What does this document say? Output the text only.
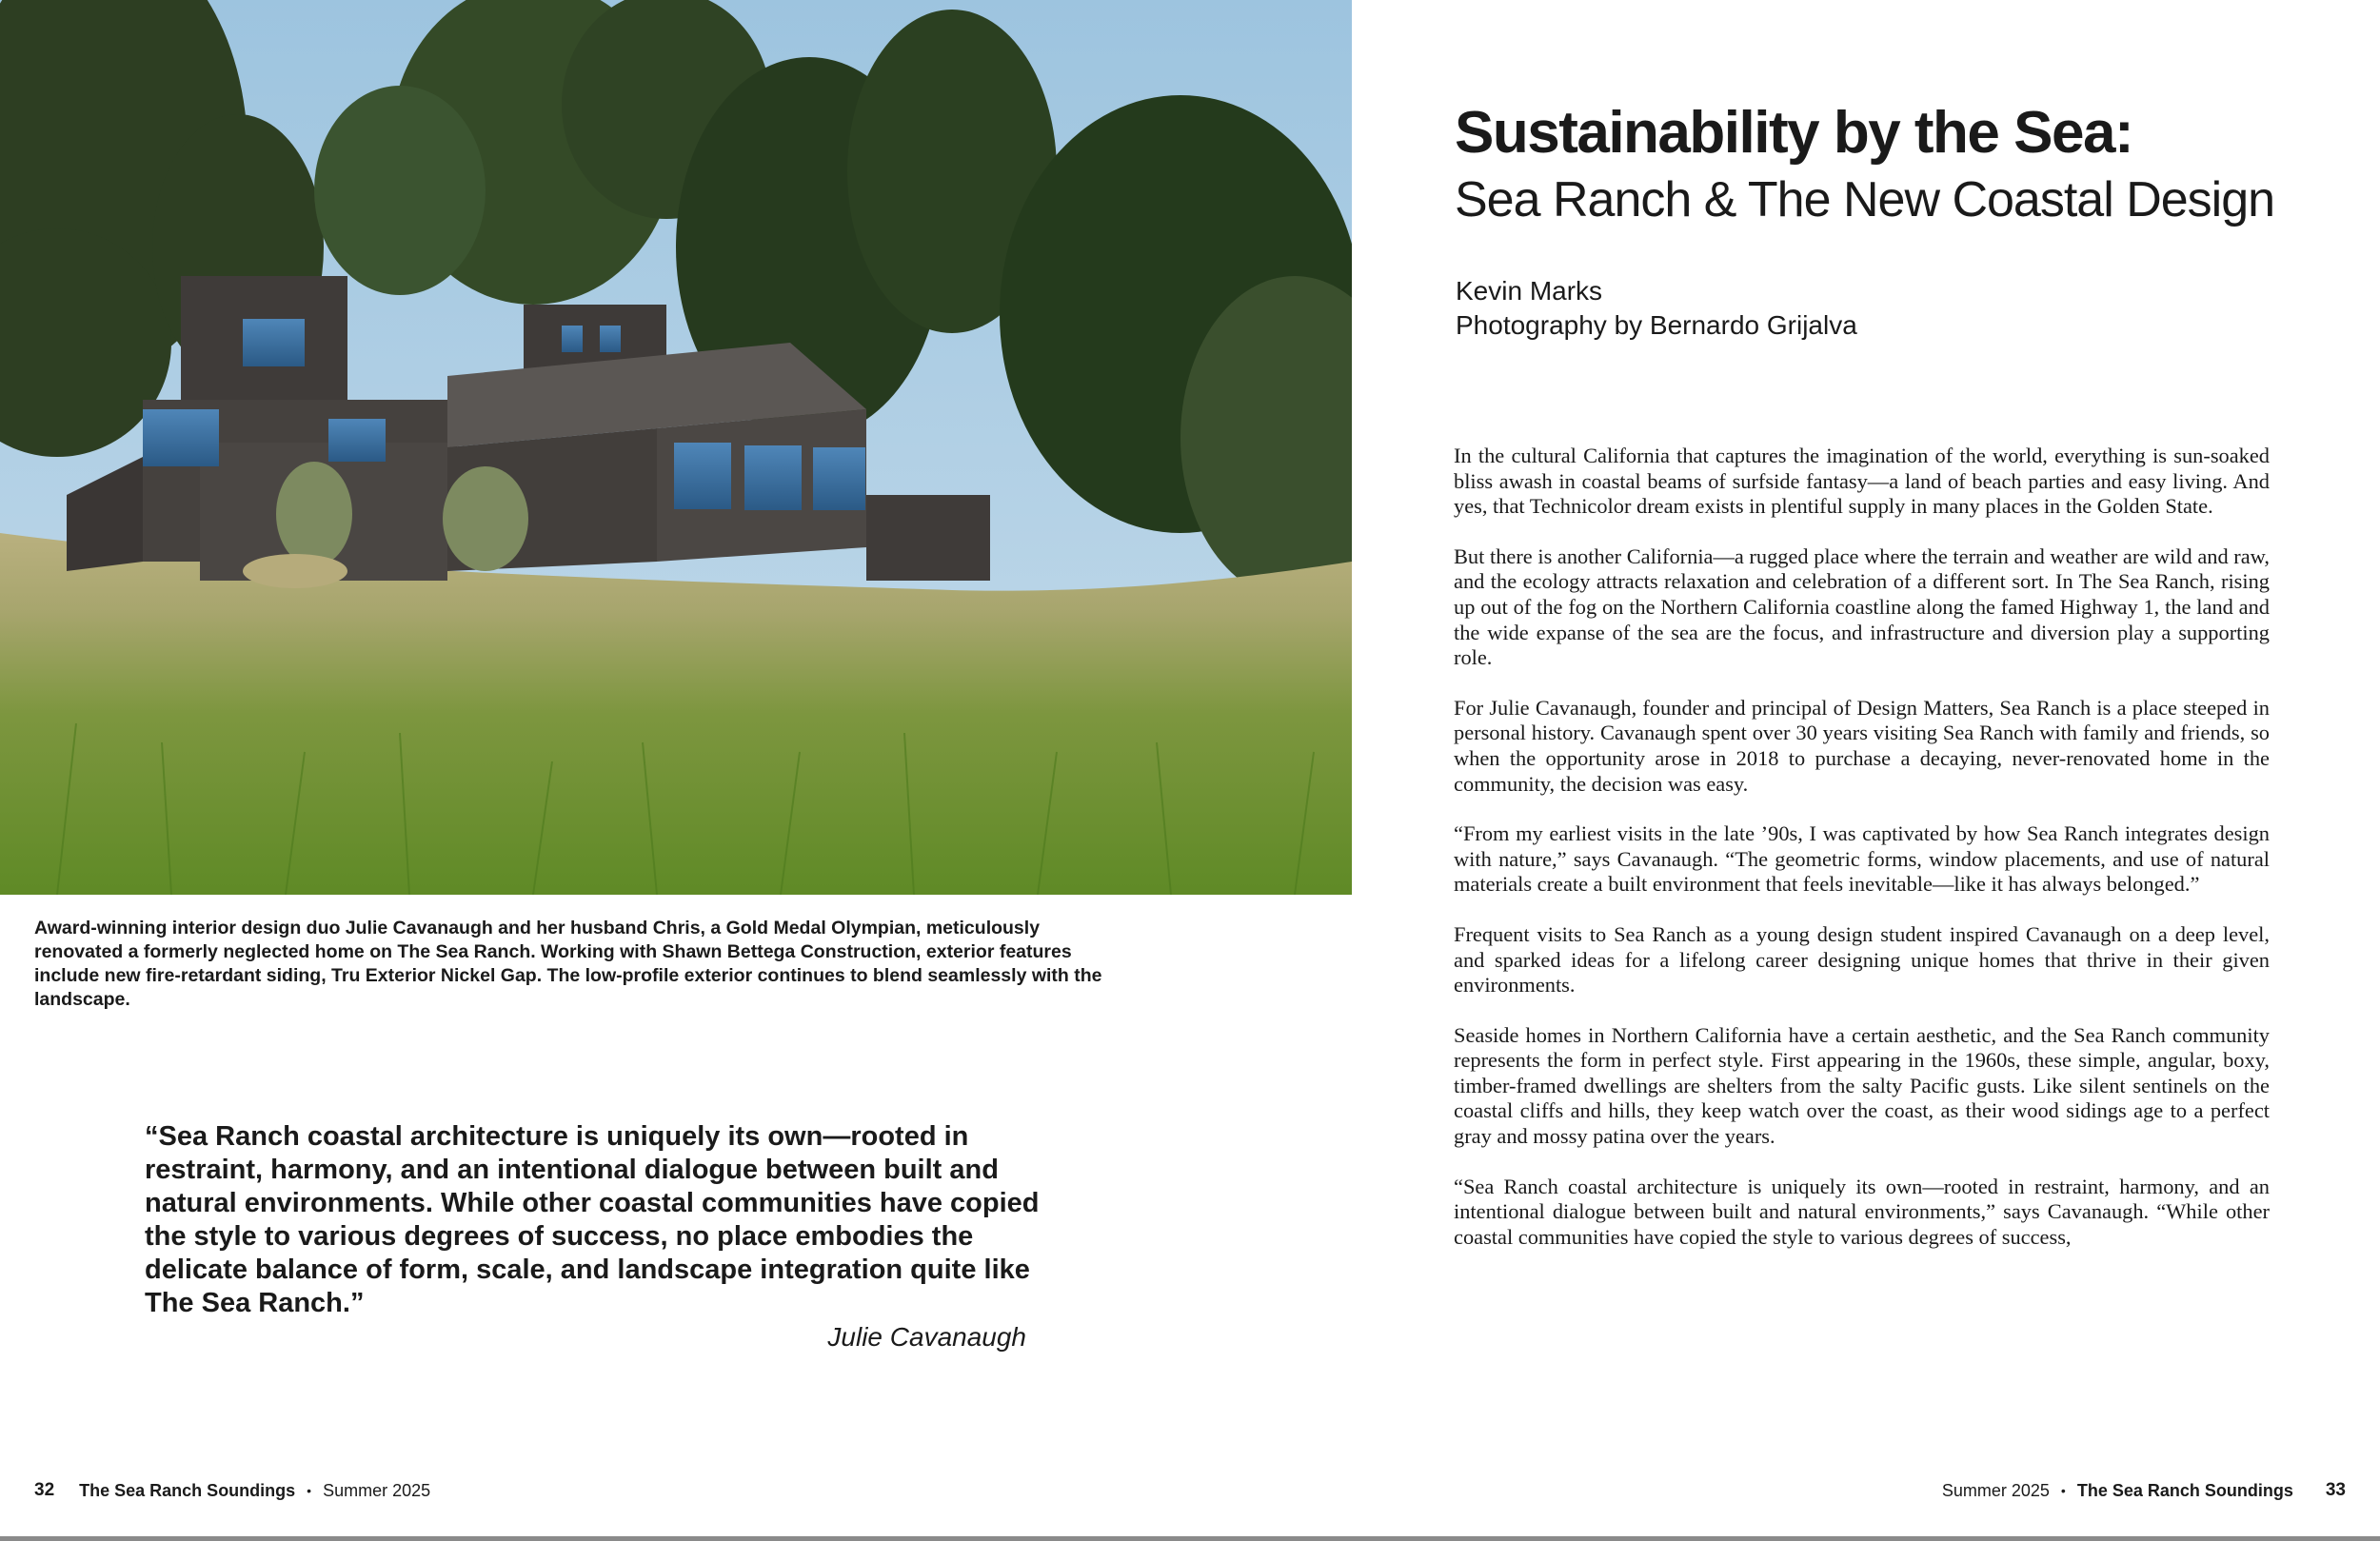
Award-winning interior design duo Julie Cavanaugh and her husband Chris, a Gold Medal Olympian, meticulously renovated a formerly neglected home on The Sea Ranch. Working with Shawn Bettega Construction, exterior features include new fire-retardant siding, Tru Exterior Nickel Gap. The low-profile exterior continues to blend seamlessly with the landscape.

“Sea Ranch coastal architecture is uniquely its own—rooted in restraint, harmony, and an intentional dialogue between built and natural environments. While other coastal communities have copied the style to various degrees of success, no place embodies the delicate balance of form, scale, and landscape integration quite like The Sea Ranch.”

Julie Cavanaugh
32 The Sea Ranch Soundings • Summer 2025
Sustainability by the Sea:
Sea Ranch & The New Coastal Design
Kevin Marks
Photography by Bernardo Grijalva

In the cultural California that captures the imagination of the world, everything is sun-soaked bliss awash in coastal beams of surfside fantasy—a land of beach parties and easy living. And yes, that Technicolor dream exists in plentiful supply in many places in the Golden State.

But there is another California—a rugged place where the terrain and weather are wild and raw, and the ecology attracts relaxation and celebration of a different sort. In The Sea Ranch, rising up out of the fog on the Northern California coastline along the famed Highway 1, the land and the wide expanse of the sea are the focus, and infrastructure and diversion play a supporting role.

For Julie Cavanaugh, founder and principal of Design Matters, Sea Ranch is a place steeped in personal history. Cavanaugh spent over 30 years visiting Sea Ranch with family and friends, so when the opportunity arose in 2018 to purchase a decaying, never-renovated home in the community, the decision was easy.

“From my earliest visits in the late ’90s, I was captivated by how Sea Ranch integrates design with nature,” says Cavanaugh. “The geometric forms, window placements, and use of natural materials create a built environment that feels inevitable—like it has always belonged.”

Frequent visits to Sea Ranch as a young design student inspired Cavanaugh on a deep level, and sparked ideas for a lifelong career designing unique homes that thrive in their given environments.

Seaside homes in Northern California have a certain aesthetic, and the Sea Ranch community represents the form in perfect style. First appearing in the 1960s, these simple, angular, boxy, timber-framed dwellings are shelters from the salty Pacific gusts. Like silent sentinels on the coastal cliffs and hills, they keep watch over the coast, as their wood sidings age to a perfect gray and mossy patina over the years.

“Sea Ranch coastal architecture is uniquely its own—rooted in restraint, harmony, and an intentional dialogue between built and natural environments,” says Cavanaugh. “While other coastal communities have copied the style to various degrees of success,

Summer 2025 • The Sea Ranch Soundings 33
